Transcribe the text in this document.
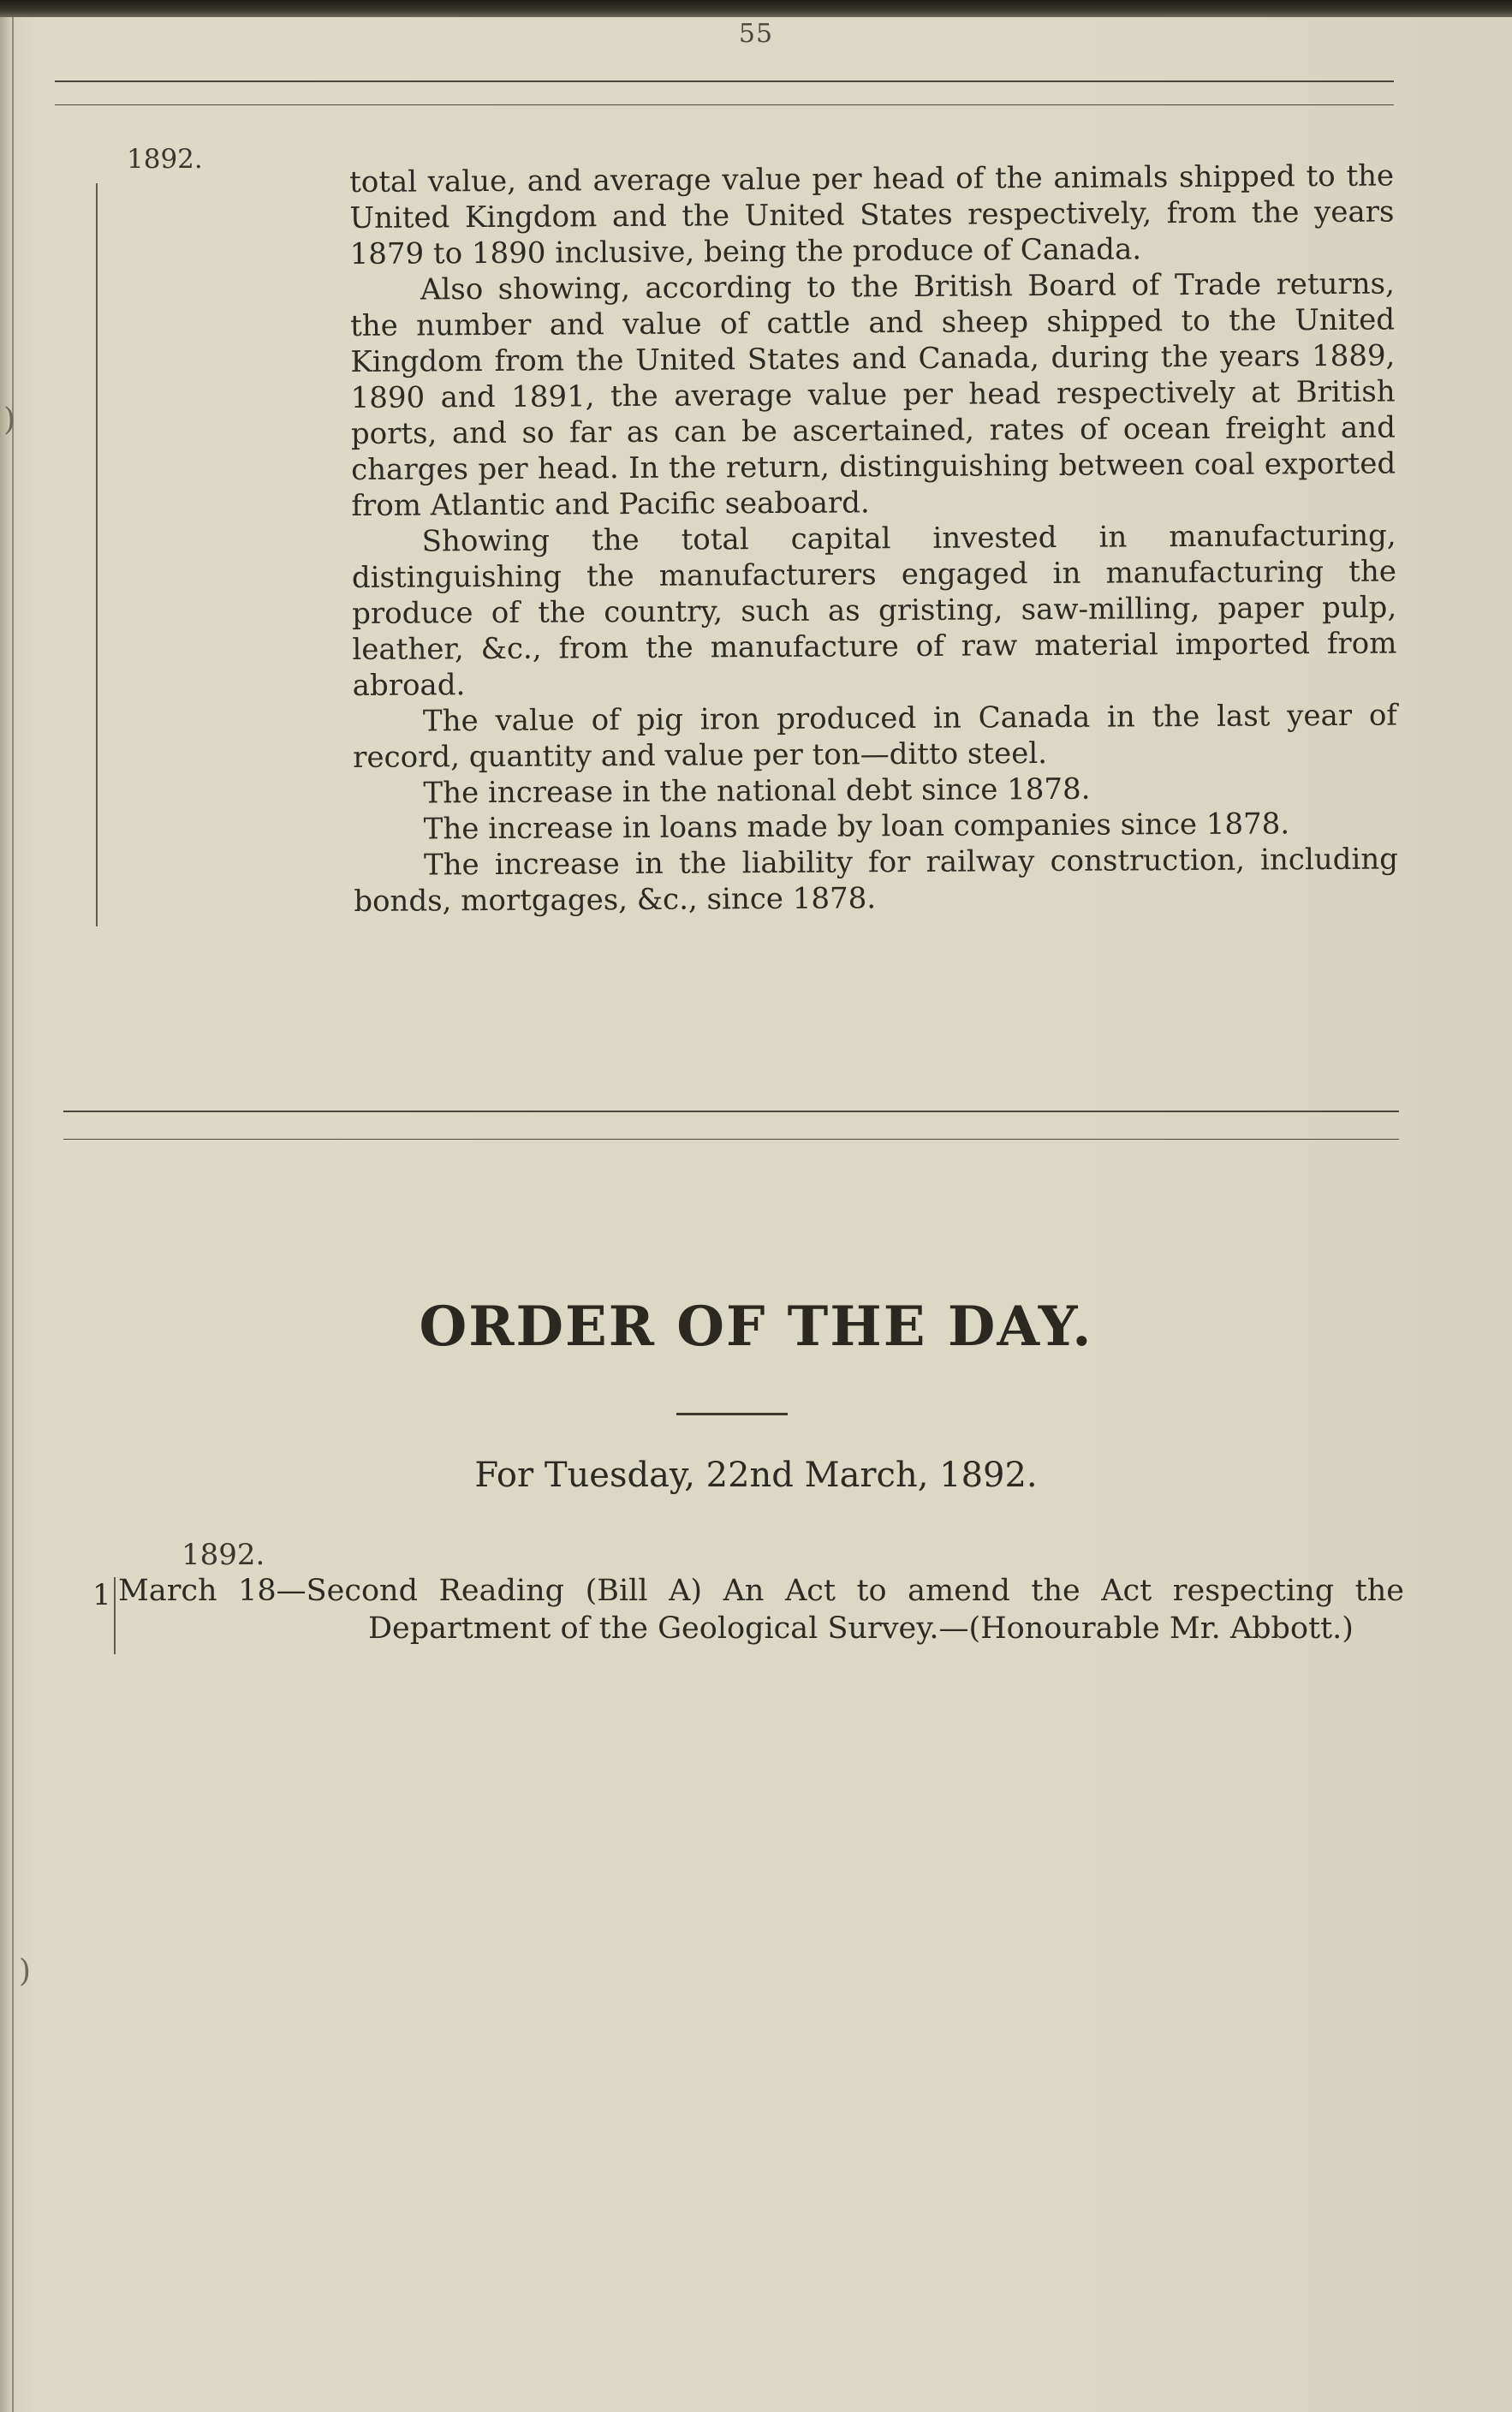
)
)
55
1892.	total value, and average value per head of the animals shipped to the United Kingdom and the United States respectively, from the years 1879 to 1890 inclusive, being the produce of Canada.

Also showing, according to the British Board of Trade returns, the number and value of cattle and sheep shipped to the United Kingdom from the United States and Canada, during the years 1889, 1890 and 1891, the average value per head respectively at British ports, and so far as can be ascertained, rates of ocean freight and charges per head. In the return, distinguishing between coal exported from Atlantic and Pacific seaboard.

Showing the total capital invested in manufacturing, distinguishing the manufacturers engaged in manufacturing the produce of the country, such as gristing, saw-milling, paper pulp, leather, &c., from the manufacture of raw material imported from abroad.

The value of pig iron produced in Canada in the last year of record, quantity and value per ton—ditto steel.

The increase in the national debt since 1878.

The increase in loans made by loan companies since 1878.

The increase in the liability for railway construction, including bonds, mortgages, &c., since 1878.

ORDER OF THE DAY.
For Tuesday, 22nd March, 1892.
1892.
1 March 18—Second Reading (Bill A) An Act to amend the Act respecting the
Department of the Geological Survey.—(Honourable Mr. Abbott.)
